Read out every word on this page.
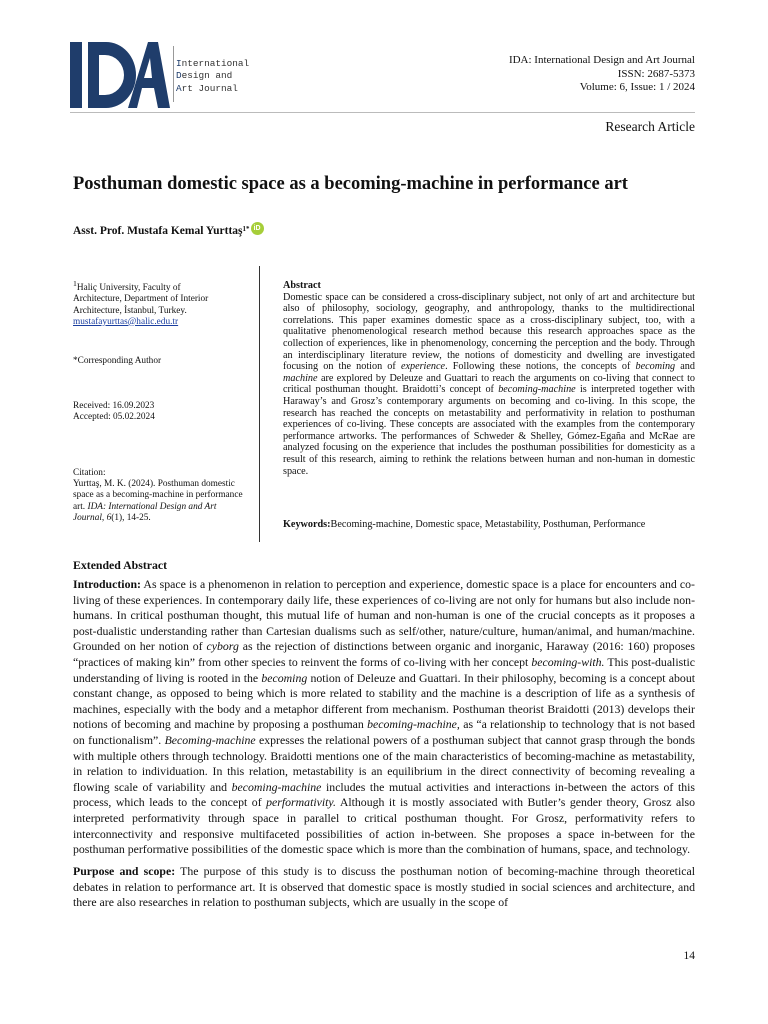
International
Design and
Art Journal
IDA: International Design and Art Journal
ISSN: 2687-5373
Volume: 6, Issue: 1 / 2024
Research Article
Posthuman domestic space as a becoming-machine in performance art
Asst. Prof. Mustafa Kemal Yurttaş 1* iD
$^1$Haliç University, Faculty of
Architecture, Department of Interior
Architecture, İstanbul, Turkey.
mustafayurttas@halic.edu.tr
*Corresponding Author
Received: 16.09.2023
Accepted: 05.02.2024
Citation:
Yurttaş, M. K. (2024). Posthuman domestic space as a becoming-machine in performance art. IDA: International Design and Art Journal, 6(1), 14-25.
Abstract
Domestic space can be considered a cross-disciplinary subject, not only of art and architecture but also of philosophy, sociology, geography, and anthropology, thanks to the multidirectional correlations. This paper examines domestic space as a cross-disciplinary subject, too, with a qualitative phenomenological research method because this research approaches space as the collection of experiences, like in phenomenology, concerning the perception and the body. Through an interdisciplinary literature review, the notions of domesticity and dwelling are investigated focusing on the notion of experience. Following these notions, the concepts of becoming and machine are explored by Deleuze and Guattari to reach the arguments on co-living that connect to critical posthuman thought. Braidotti’s concept of becoming-machine is interpreted together with Haraway’s and Grosz’s contemporary arguments on becoming and co-living. In this scope, the research has reached the concepts on metastability and performativity in relation to posthuman experiences of co-living. These concepts are associated with the examples from the contemporary performance artworks. The performances of Schweder & Shelley, Gómez-Egaña and McRae are analyzed focusing on the experience that includes the posthuman possibilities for domesticity as a result of this research, aiming to rethink the relations between human and non-human in domestic space.
Keywords:Becoming-machine, Domestic space, Metastability, Posthuman, Performance
Extended Abstract
Introduction: As space is a phenomenon in relation to perception and experience, domestic space is a place for encounters and co-living of these experiences. In contemporary daily life, these experiences of co-living are not only for humans but also include non-humans. In critical posthuman thought, this mutual life of human and non-human is one of the crucial concepts as it proposes a post-dualistic understanding rather than Cartesian dualisms such as self/other, nature/culture, human/animal, and human/machine. Grounded on her notion of cyborg as the rejection of distinctions between organic and inorganic, Haraway (2016: 160) proposes “practices of making kin” from other species to reinvent the forms of co-living with her concept becoming-with. This post-dualistic understanding of living is rooted in the becoming notion of Deleuze and Guattari. In their philosophy, becoming is a concept about constant change, as opposed to being which is more related to stability and the machine is a description of life as a synthesis of machines, especially with the body and a metaphor different from mechanism. Posthuman theorist Braidotti (2013) develops their notions of becoming and machine by proposing a posthuman becoming-machine, as “a relationship to technology that is not based on functionalism”. Becoming-machine expresses the relational powers of a posthuman subject that cannot grasp through the bonds with multiple others through technology. Braidotti mentions one of the main characteristics of becoming-machine as metastability, in relation to individuation. In this relation, metastability is an equilibrium in the direct connectivity of becoming revealing a flowing scale of variability and becoming-machine includes the mutual activities and interactions in-between the actors of this process, which leads to the concept of performativity. Although it is mostly associated with Butler’s gender theory, Grosz also interpreted performativity through space in parallel to critical posthuman thought. For Grosz, performativity refers to interconnectivity and responsive multifaceted possibilities of action in-between. She proposes a space in-between for the posthuman performative possibilities of the domestic space which is more than the combination of humans, space, and technology.
Purpose and scope: The purpose of this study is to discuss the posthuman notion of becoming-machine through theoretical debates in relation to performance art. It is observed that domestic space is mostly studied in social sciences and architecture, and there are also researches in relation to posthuman subjects, which are usually in the scope of
14
